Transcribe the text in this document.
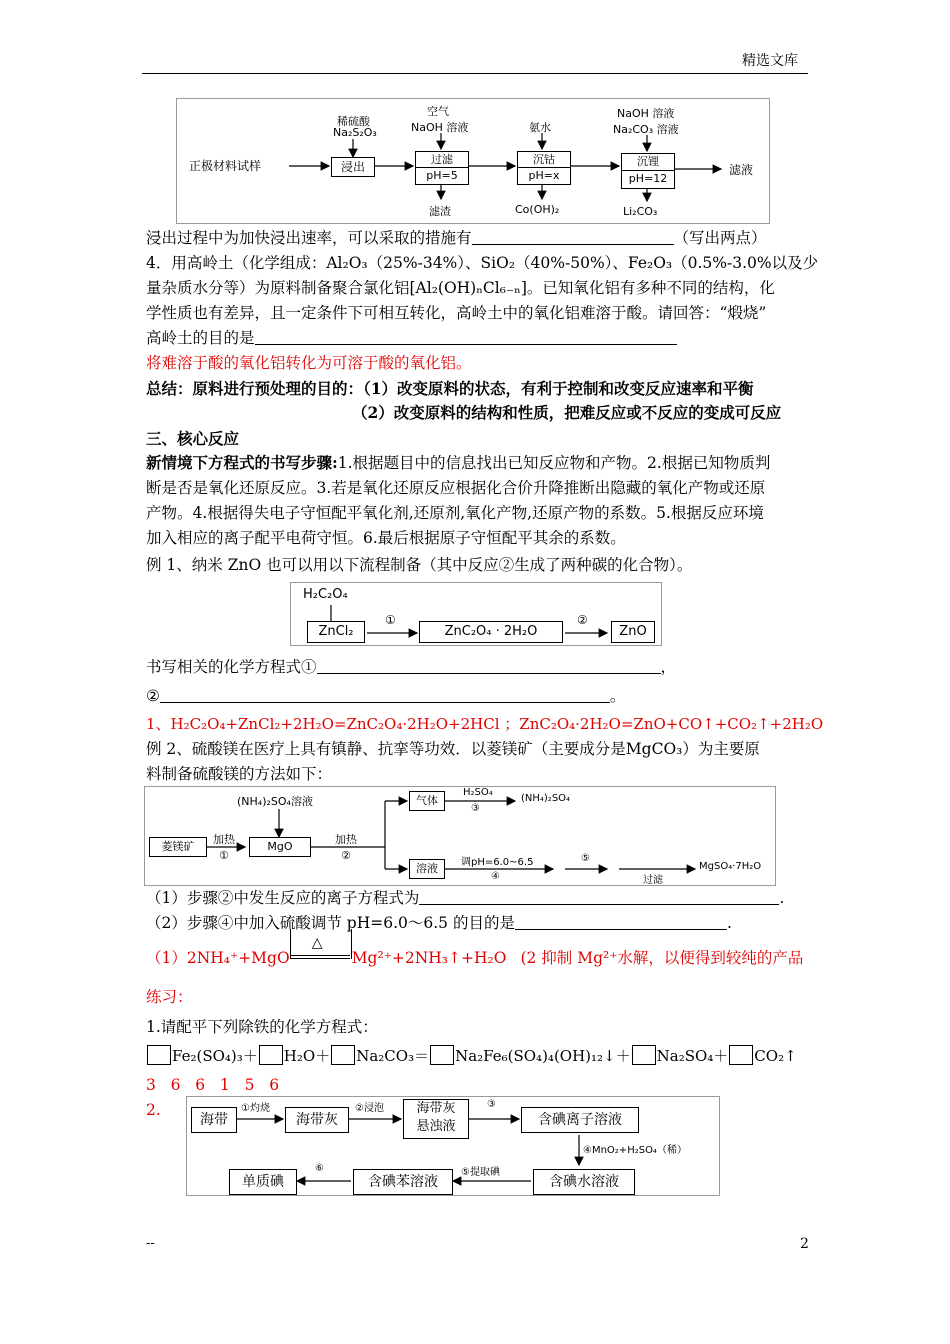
精选文库
正极材料试样
稀硫酸
Na₂S₂O₃
浸出
空气
NaOH 溶液
过滤
pH=5
滤渣
氨水
沉钴
pH=x
Co(OH)₂
NaOH 溶液
Na₂CO₃ 溶液
沉锂
pH=12
Li₂CO₃
滤液
浸出过程中为加快浸出速率，可以采取的措施有	（写出两点）
4．用高岭土（化学组成：Al₂O₃（25%-34%）、SiO₂（40%-50%）、Fe₂O₃（0.5%-3.0%以及少
量杂质水分等）为原料制备聚合氯化铝[Al₂(OH)ₙCl₆₋ₙ]。已知氧化铝有多种不同的结构，化
学性质也有差异，且一定条件下可相互转化，高岭土中的氧化铝难溶于酸。请回答：“煅烧”
高岭土的目的是
将难溶于酸的氧化铝转化为可溶于酸的氧化铝。
总结：原料进行预处理的目的：（1）改变原料的状态，有利于控制和改变反应速率和平衡
（2）改变原料的结构和性质，把难反应或不反应的变成可反应
三、核心反应
新情境下方程式的书写步骤:1.根据题目中的信息找出已知反应物和产物。2.根据已知物质判
断是否是氧化还原反应。3.若是氧化还原反应根据化合价升降推断出隐藏的氧化产物或还原
产物。4.根据得失电子守恒配平氧化剂,还原剂,氧化产物,还原产物的系数。5.根据反应环境
加入相应的离子配平电荷守恒。6.最后根据原子守恒配平其余的系数。
例 1、纳米 ZnO 也可以用以下流程制备（其中反应②生成了两种碳的化合物）。
H₂C₂O₄
ZnCl₂
①
ZnC₂O₄ · 2H₂O
②
ZnO
书写相关的化学方程式①	，
②	。
1、H₂C₂O₄+ZnCl₂+2H₂O=ZnC₂O₄·2H₂O+2HCl ；ZnC₂O₄·2H₂O=ZnO+CO↑+CO₂↑+2H₂O
例 2、硫酸镁在医疗上具有镇静、抗挛等功效．以菱镁矿（主要成分是MgCO₃）为主要原
料制备硫酸镁的方法如下：
(NH₄)₂SO₄溶液
菱镁矿
加热
①
MgO
加热
②
气体
H₂SO₄
③
(NH₄)₂SO₄
溶液	调pH=6.0~6.5
④
⑤
过滤
MgSO₄·7H₂O
（1）步骤②中发生反应的离子方程式为	.
（2）步骤④中加入硫酸调节 pH=6.0～6.5 的目的是	.
（1）2NH₄⁺+MgO
△
Mg²⁺+2NH₃↑+H₂O (2 抑制 Mg²⁺水解，以便得到较纯的产品
练习：
1.请配平下列除铁的化学方程式：
Fe₂(SO₄)₃＋ H₂O＋ Na₂CO₃＝ Na₂Fe₆(SO₄)₄(OH)₁₂↓＋ Na₂SO₄＋ CO₂↑
3   6   6   1   5   6
2.
海带
①灼烧
海带灰
②浸泡	海带灰
悬浊液
③
含碘离子溶液
④MnO₂+H₂SO₄（稀）
含碘水溶液
⑤提取碘
含碘苯溶液
⑥
单质碘
--	2
